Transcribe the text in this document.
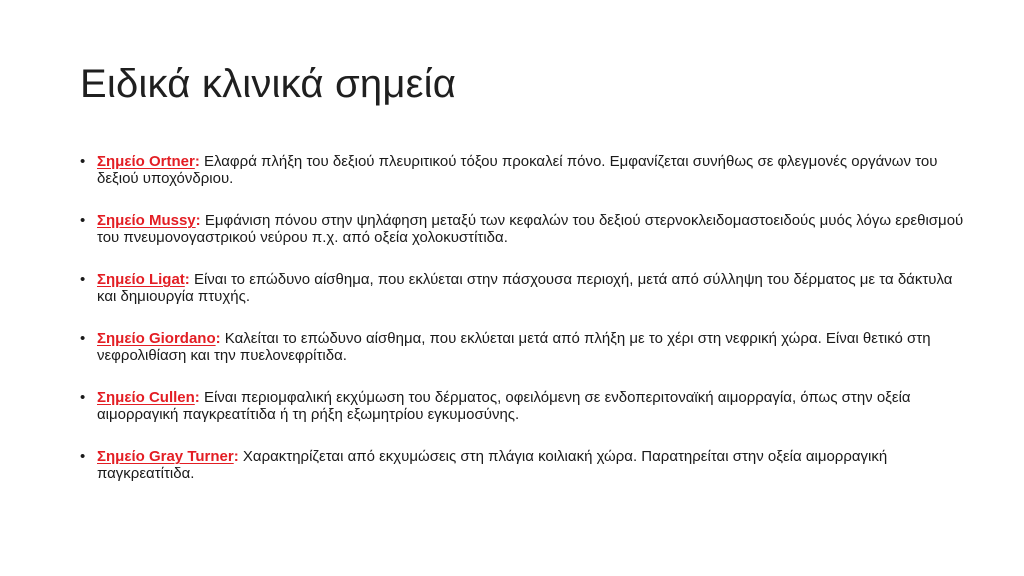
Ειδικά κλινικά σημεία
• Σημείο Ortner: Ελαφρά πλήξη του δεξιού πλευριτικού τόξου προκαλεί πόνο. Εμφανίζεται συνήθως σε φλεγμονές οργάνων του δεξιού υποχόνδριου.
• Σημείο Mussy: Εμφάνιση πόνου στην ψηλάφηση μεταξύ των κεφαλών του δεξιού στερνοκλειδομαστοειδούς μυός λόγω ερεθισμού του πνευμονογαστρικού νεύρου π.χ. από οξεία χολοκυστίτιδα.
• Σημείο Ligat: Είναι το επώδυνο αίσθημα, που εκλύεται στην πάσχουσα περιοχή, μετά από σύλληψη του δέρματος με τα δάκτυλα και δημιουργία πτυχής.
• Σημείο Giordano: Καλείται το επώδυνο αίσθημα, που εκλύεται μετά από πλήξη με το χέρι στη νεφρική χώρα. Είναι θετικό στη νεφρολιθίαση και την πυελονεφρίτιδα.
• Σημείο Cullen: Είναι περιομφαλική εκχύμωση του δέρματος, οφειλόμενη σε ενδοπεριτοναϊκή αιμορραγία, όπως στην οξεία αιμορραγική παγκρεατίτιδα ή τη ρήξη εξωμητρίου εγκυμοσύνης.
• Σημείο Gray Turner: Χαρακτηρίζεται από εκχυμώσεις στη πλάγια κοιλιακή χώρα. Παρατηρείται στην οξεία αιμορραγική παγκρεατίτιδα.
